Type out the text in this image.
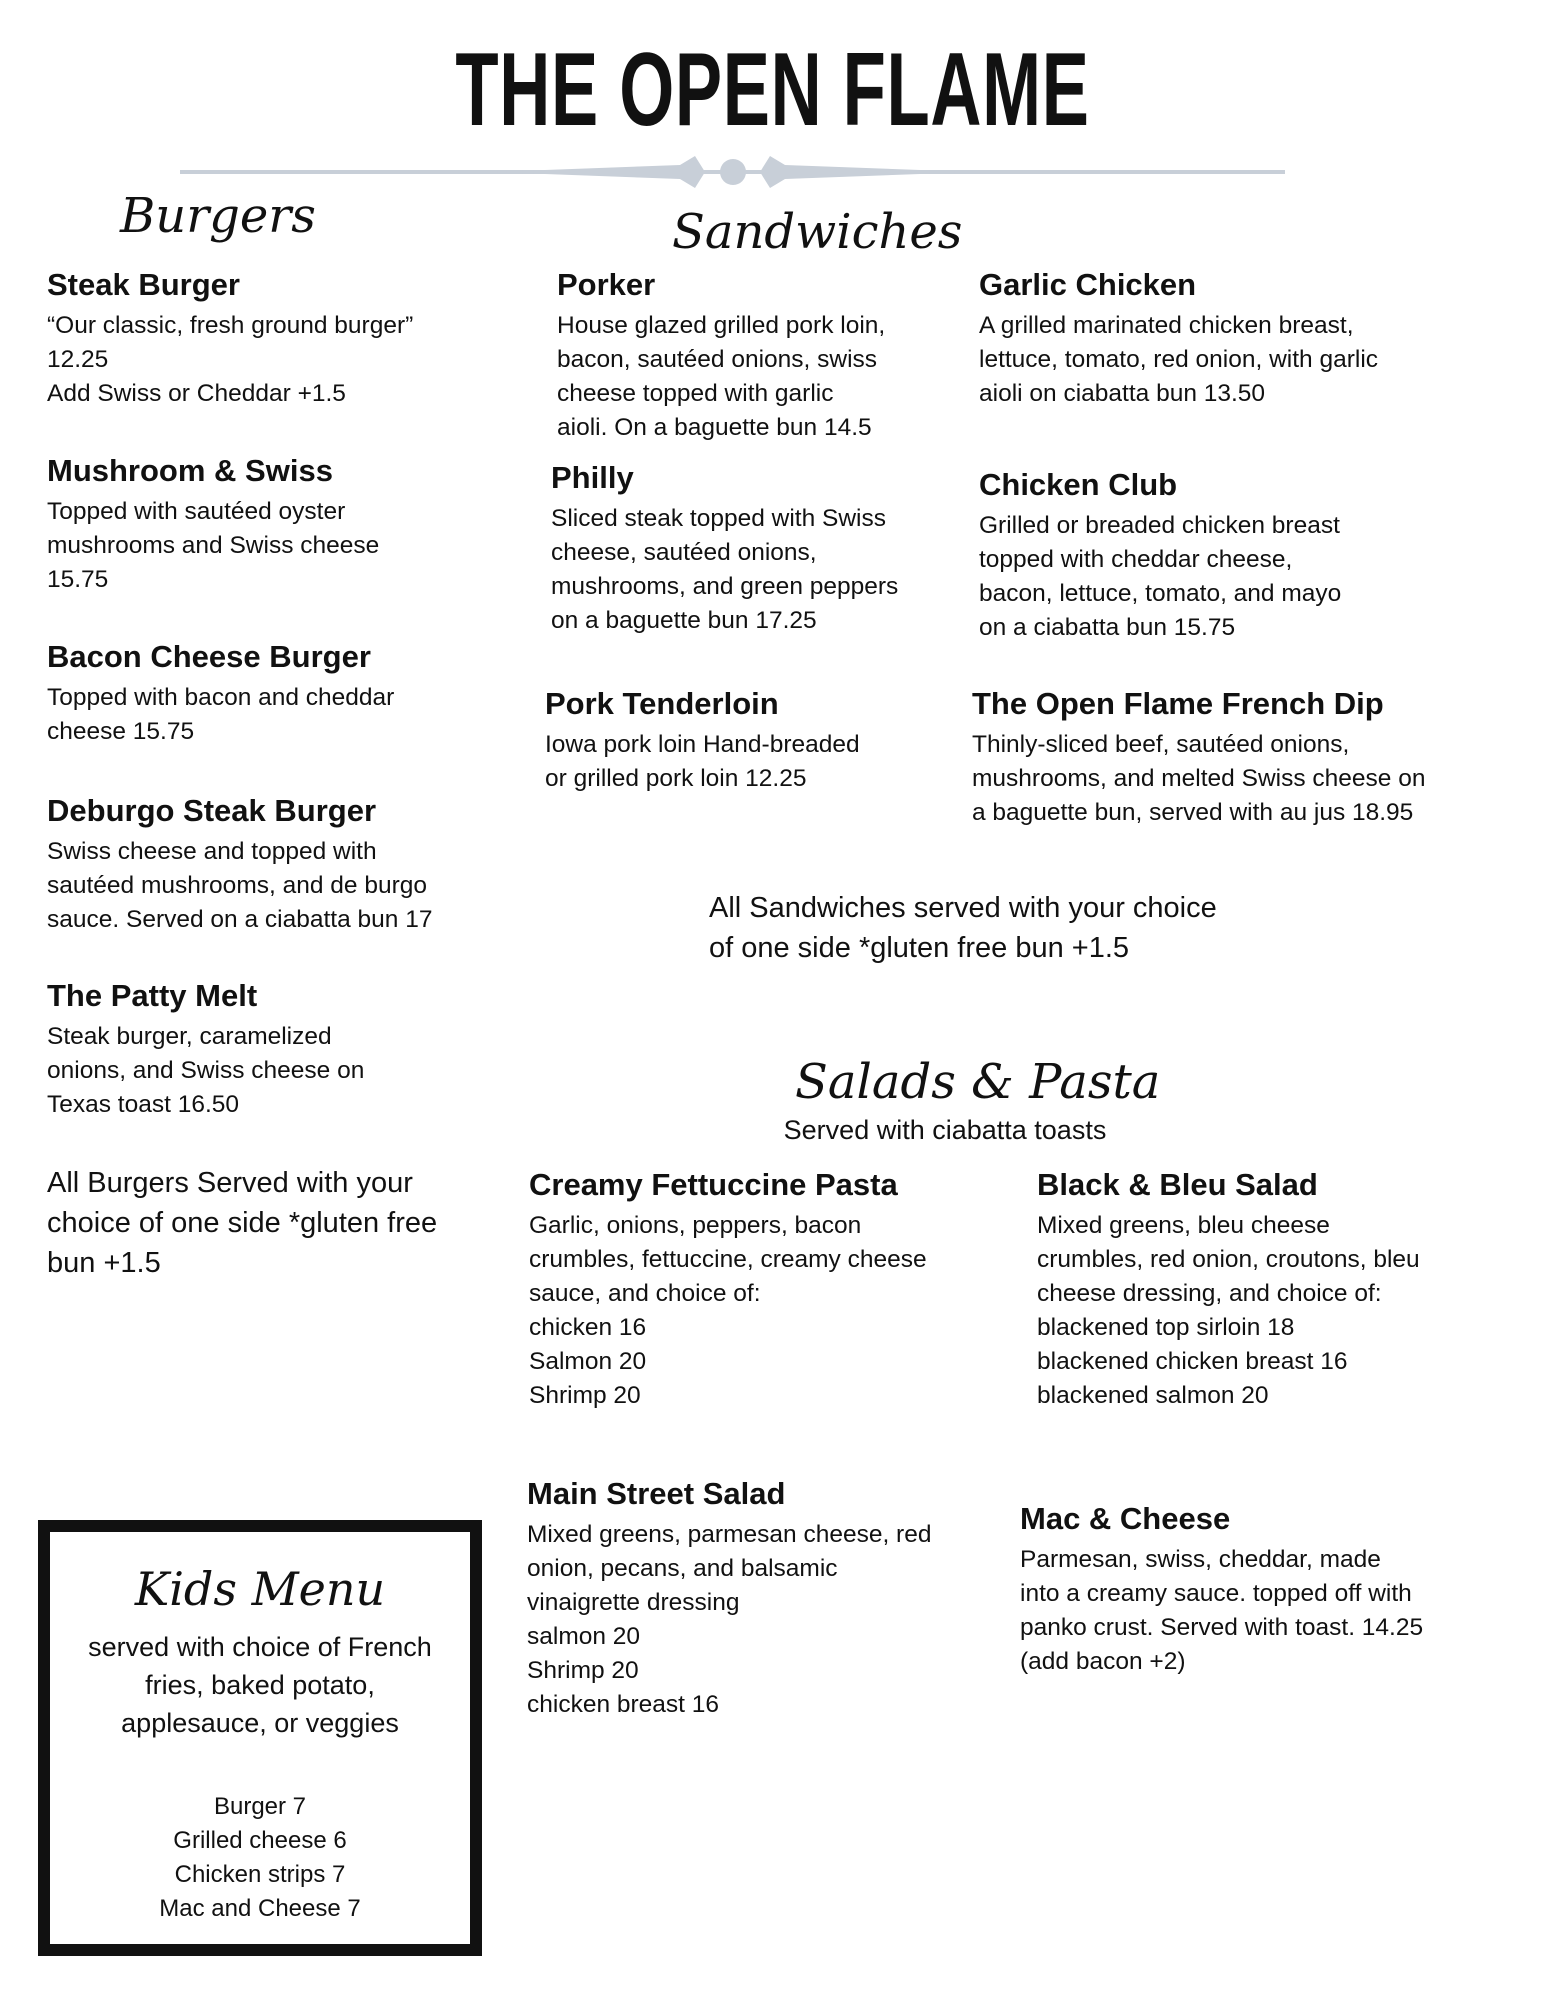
THE OPEN FLAME
Burgers	Sandwiches
Steak Burger
“Our classic, fresh ground burger”
12.25
Add Swiss or Cheddar +1.5
Mushroom & Swiss
Topped with sautéed oyster
mushrooms and Swiss cheese
15.75
Bacon Cheese Burger
Topped with bacon and cheddar
cheese 15.75
Deburgo Steak Burger
Swiss cheese and topped with
sautéed mushrooms, and de burgo
sauce. Served on a ciabatta bun 17
The Patty Melt
Steak burger, caramelized
onions, and Swiss cheese on
Texas toast 16.50
All Burgers Served with your
choice of one side *gluten free
bun +1.5
Porker
House glazed grilled pork loin,
bacon, sautéed onions, swiss
cheese topped with garlic
aioli. On a baguette bun 14.5
Garlic Chicken
A grilled marinated chicken breast,
lettuce, tomato, red onion, with garlic
aioli on ciabatta bun 13.50
Philly
Sliced steak topped with Swiss
cheese, sautéed onions,
mushrooms, and green peppers
on a baguette bun 17.25
Chicken Club
Grilled or breaded chicken breast
topped with cheddar cheese,
bacon, lettuce, tomato, and mayo
on a ciabatta bun 15.75
Pork Tenderloin
Iowa pork loin Hand-breaded
or grilled pork loin 12.25
The Open Flame French Dip
Thinly-sliced beef, sautéed onions,
mushrooms, and melted Swiss cheese on
a baguette bun, served with au jus 18.95
All Sandwiches served with your choice
of one side *gluten free bun +1.5
Salads & Pasta
Served with ciabatta toasts
Creamy Fettuccine Pasta
Garlic, onions, peppers, bacon
crumbles, fettuccine, creamy cheese
sauce, and choice of:
chicken 16
Salmon 20
Shrimp 20
Black & Bleu Salad
Mixed greens, bleu cheese
crumbles, red onion, croutons, bleu
cheese dressing, and choice of:
blackened top sirloin 18
blackened chicken breast 16
blackened salmon 20
Main Street Salad
Mixed greens, parmesan cheese, red
onion, pecans, and balsamic
vinaigrette dressing
salmon 20
Shrimp 20
chicken breast 16
Mac & Cheese
Parmesan, swiss, cheddar, made
into a creamy sauce. topped off with
panko crust. Served with toast. 14.25
(add bacon +2)
Kids Menu
served with choice of French
fries, baked potato,
applesauce, or veggies
Burger 7
Grilled cheese 6
Chicken strips 7
Mac and Cheese 7
